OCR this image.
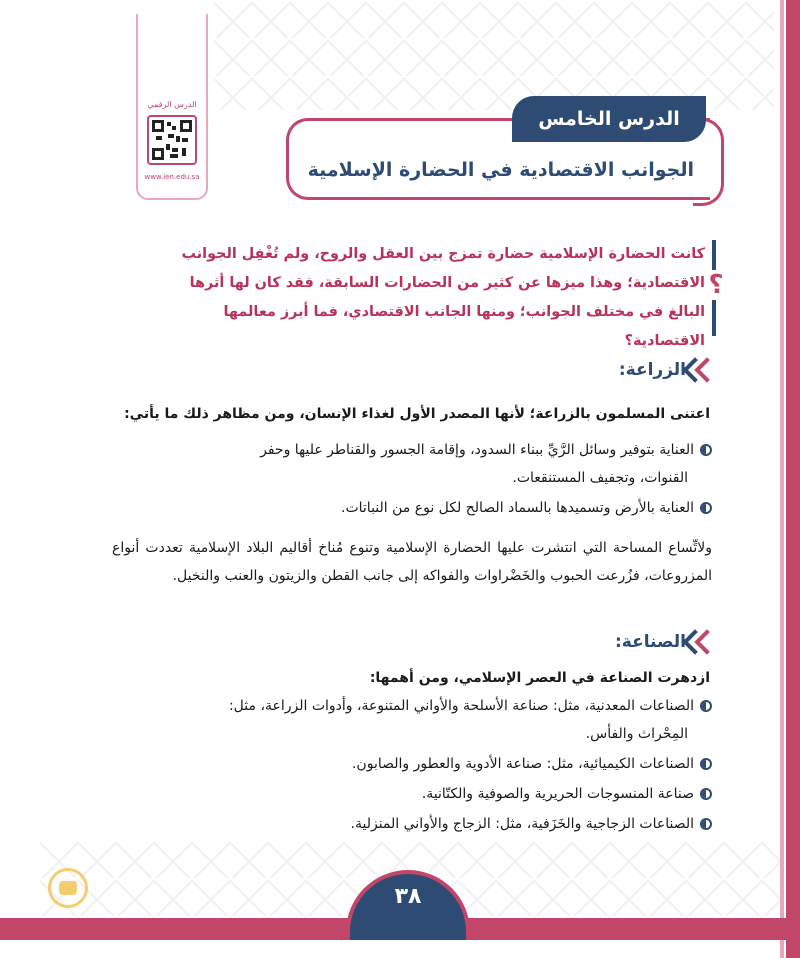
الدرس الرقمي
www.ien.edu.sa
الدرس الخامس
الجوانب الاقتصادية في الحضارة الإسلامية
؟
كانت الحضارة الإسلامية حضارة تمزج بين العقل والروح، ولم تُغْفِل الجوانب الاقتصادية؛ وهذا ميزها عن كثير من الحضارات السابقة، فقد كان لها أثرها البالغ في مختلف الجوانب؛ ومنها الجانب الاقتصادي، فما أبرز معالمها الاقتصادية؟
الزراعة:
اعتنى المسلمون بالزراعة؛ لأنها المصدر الأول لغذاء الإنسان، ومن مظاهر ذلك ما يأتي:
العناية بتوفير وسائل الرَّيِّ ببناء السدود، وإقامة الجسور والقناطر عليها وحفر
القنوات، وتجفيف المستنقعات.
العناية بالأرض وتسميدها بالسماد الصالح لكل نوع من النباتات.
ولاتِّساع المساحة التي انتشرت عليها الحضارة الإسلامية وتنوع مُناخ أقاليم البلاد الإسلامية تعددت أنواع المزروعات، فزُرعت الحبوب والخَضْراوات والفواكه إلى جانب القطن والزيتون والعنب والنخيل.
الصناعة:
ازدهرت الصناعة في العصر الإسلامي، ومن أهمها:
الصناعات المعدنية، مثل: صناعة الأسلحة والأواني المتنوعة، وأدوات الزراعة، مثل:
المِحْراث والفأس.
الصناعات الكيميائية، مثل: صناعة الأدوية والعطور والصابون.
صناعة المنسوجات الحريرية والصوفية والكتّانية.
الصناعات الزجاجية والخَزَفية، مثل: الزجاج والأواني المنزلية.
٣٨
